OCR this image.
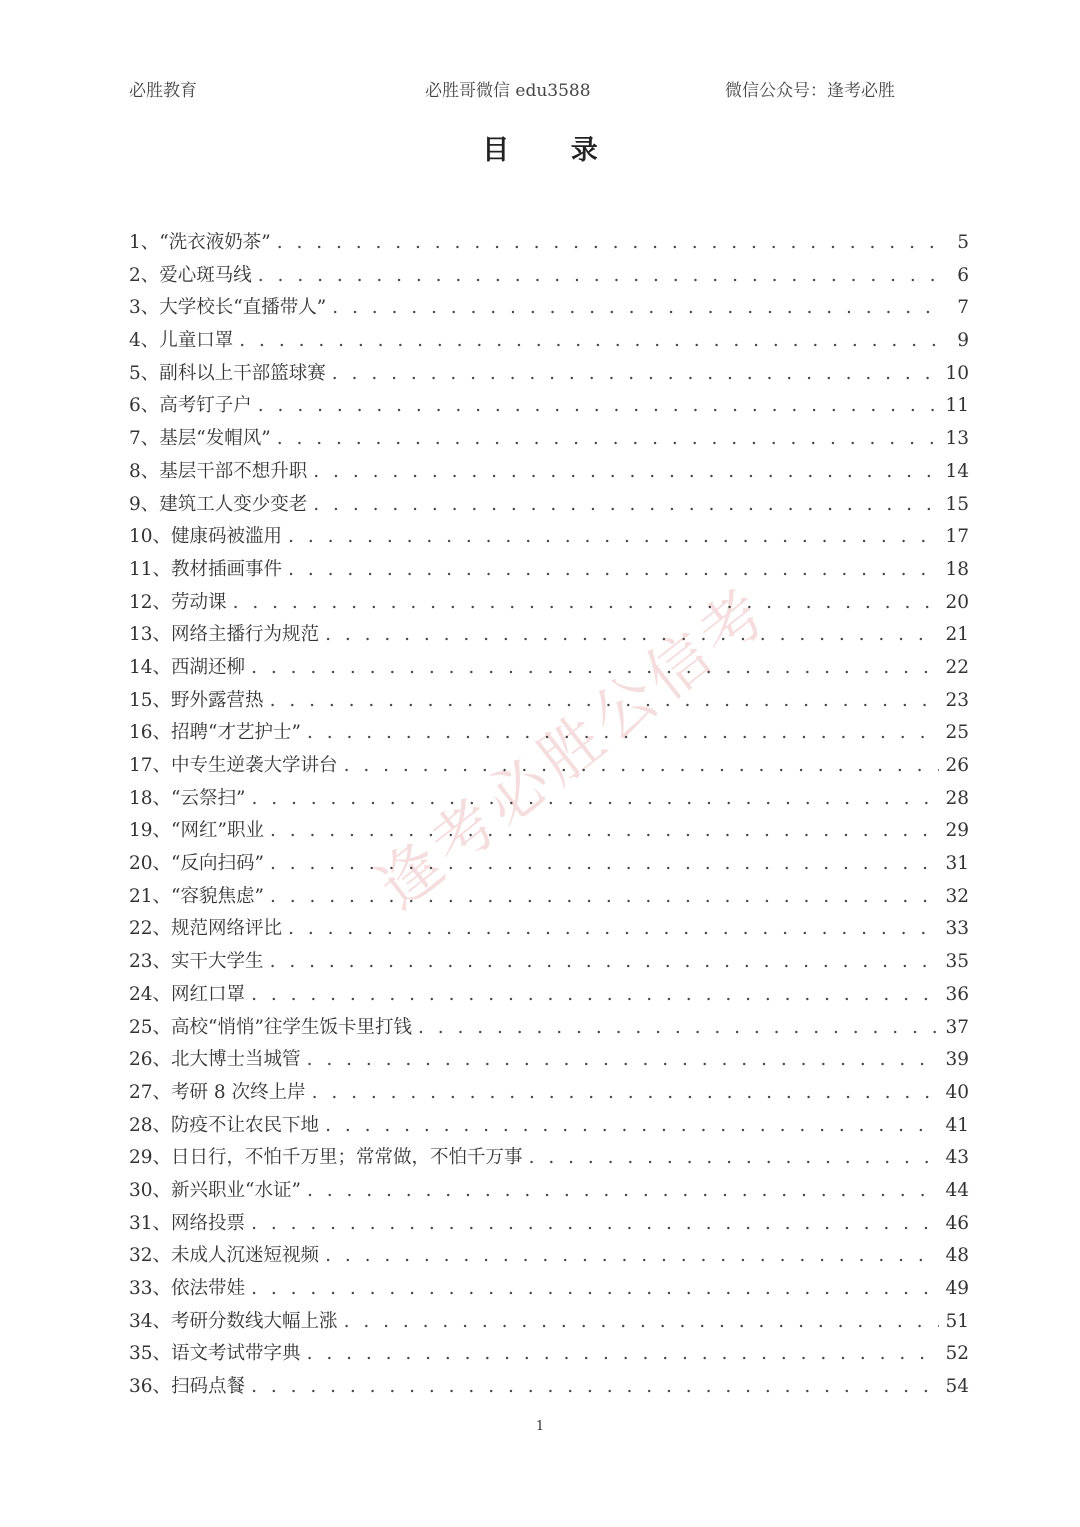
必胜教育	必胜哥微信 edu3588	微信公众号：逢考必胜
目 录
逢
考
必
胜
公
信
考
1、 “洗衣液奶茶” . . .	5
2、 爱心斑马线 . . .	6
3、 大学校长“直播带人” . . .	7
4、 儿童口罩 . . .	9
5、 副科以上干部篮球赛 . . .	10
6、 高考钉子户 . . .	11
7、 基层“发帽风” . . .	13
8、 基层干部不想升职 . . .	14
9、 建筑工人变少变老 . . .	15
10、 健康码被滥用 . . .	17
11、 教材插画事件 . . .	18
12、 劳动课 . . .	20
13、 网络主播行为规范 . . .	21
14、 西湖还柳 . . .	22
15、 野外露营热 . . .	23
16、 招聘“才艺护士” . . .	25
17、 中专生逆袭大学讲台 . . .	26
18、 “云祭扫” . . .	28
19、 “网红”职业 . . .	29
20、 “反向扫码” . . .	31
21、 “容貌焦虑” . . .	32
22、 规范网络评比 . . .	33
23、 实干大学生 . . .	35
24、 网红口罩 . . .	36
25、 高校“悄悄”往学生饭卡里打钱 . . .	37
26、 北大博士当城管 . . .	39
27、 考研 8 次终上岸 . . .	40
28、 防疫不让农民下地 . . .	41
29、 日日行，不怕千万里；常常做，不怕千万事 . . .	43
30、 新兴职业“水证” . . .	44
31、 网络投票 . . .	46
32、 未成人沉迷短视频 . . .	48
33、 依法带娃 . . .	49
34、 考研分数线大幅上涨 . . .	51
35、 语文考试带字典 . . .	52
36、 扫码点餐 . . .	54
1
